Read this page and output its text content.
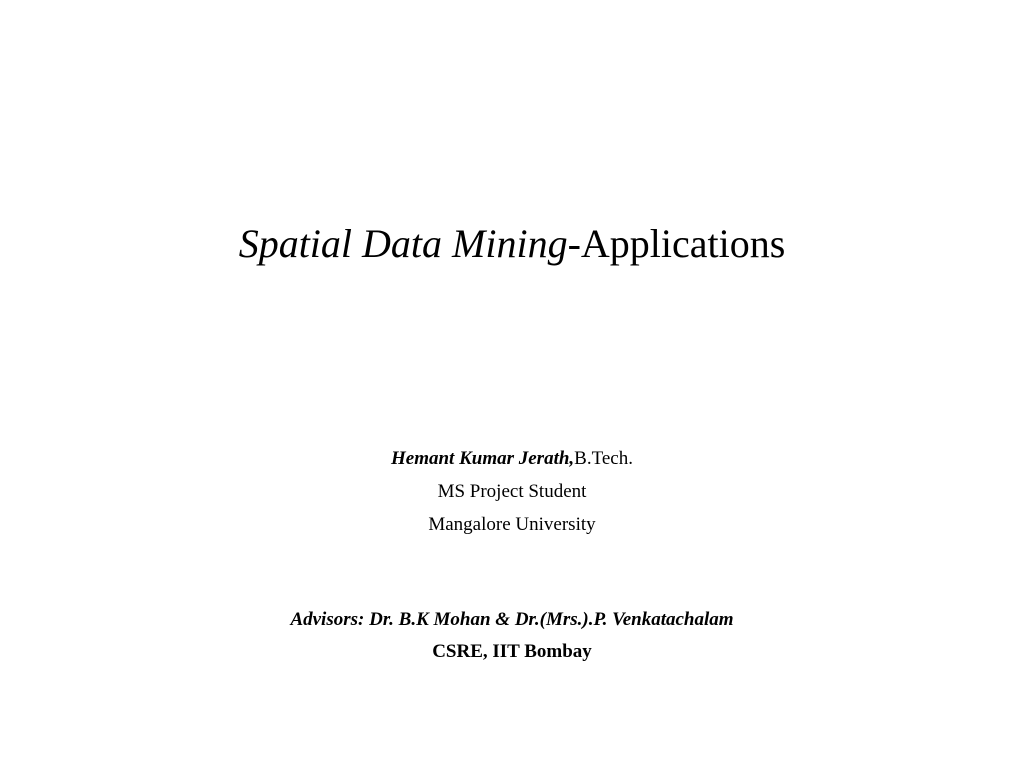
Spatial Data Mining-Applications
Hemant Kumar Jerath,B.Tech.
MS Project Student
Mangalore University
Advisors: Dr. B.K Mohan & Dr.(Mrs.).P. Venkatachalam
CSRE, IIT Bombay
